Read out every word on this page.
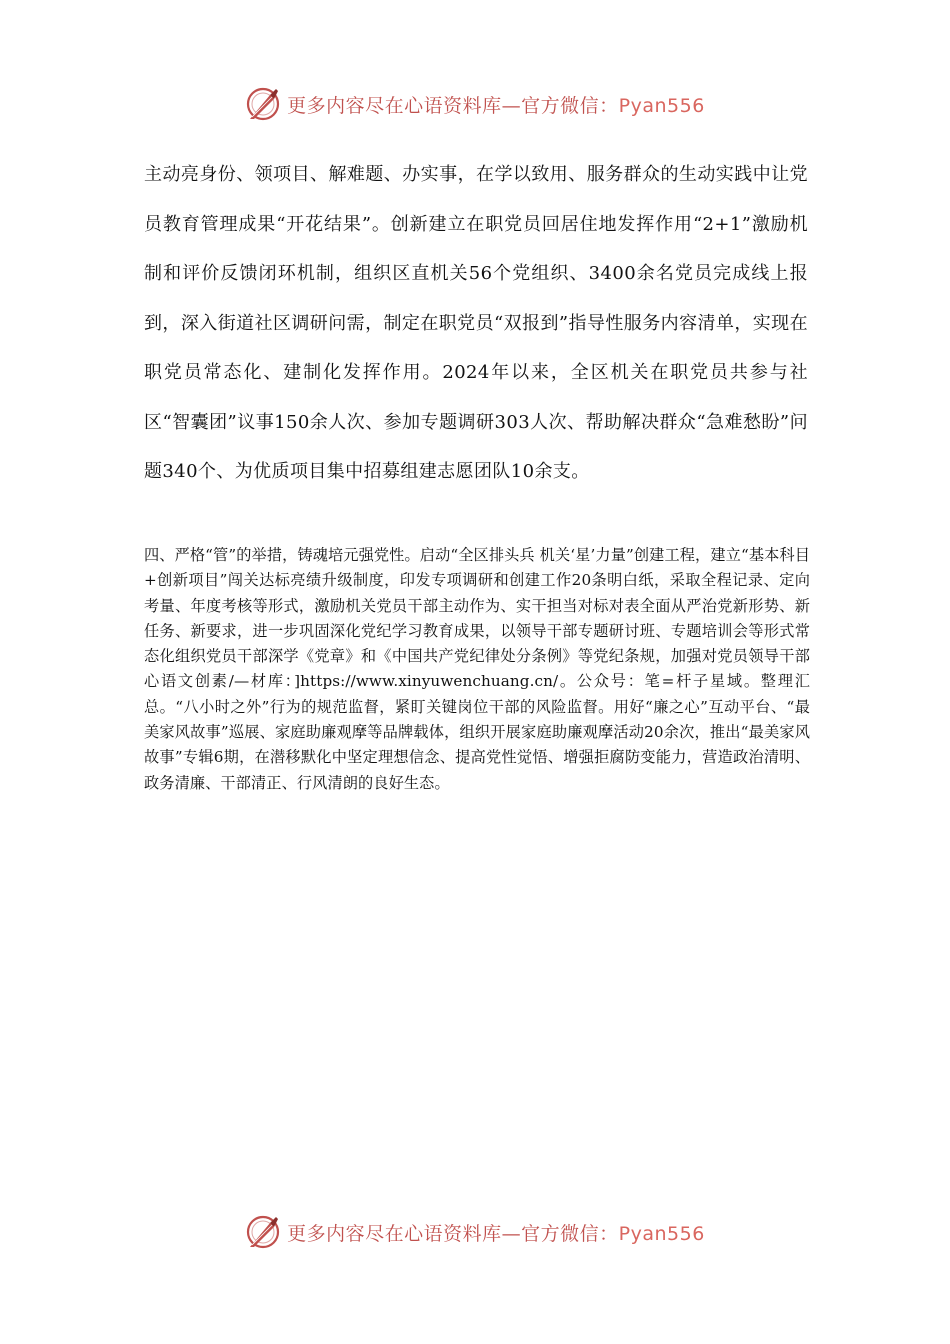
更多内容尽在心语资料库—官方微信：Pyan556

主动亮身份、领项目、解难题、办实事，在学以致用、服务群众的生动实践中让党员教育管理成果“开花结果”。创新建立在职党员回居住地发挥作用“2+1”激励机制和评价反馈闭环机制，组织区直机关56个党组织、3400余名党员完成线上报到，深入街道社区调研问需，制定在职党员“双报到”指导性服务内容清单，实现在职党员常态化、建制化发挥作用。2024年以来，全区机关在职党员共参与社区“智囊团”议事150余人次、参加专题调研303人次、帮助解决群众“急难愁盼”问题340个、为优质项目集中招募组建志愿团队10余支。

四、严格“管”的举措，铸魂培元强党性。启动“全区排头兵 机关‘星’力量”创建工程，建立“基本科目+创新项目”闯关达标亮绩升级制度，印发专项调研和创建工作20条明白纸，采取全程记录、定向考量、年度考核等形式，激励机关党员干部主动作为、实干担当对标对表全面从严治党新形势、新任务、新要求，进一步巩固深化党纪学习教育成果，以领导干部专题研讨班、专题培训会等形式常态化组织党员干部深学《党章》和《中国共产党纪律处分条例》等党纪条规，加强对党员领导干部心语文创素/—材库：]https://www.xinyuwenchuang.cn/。公众号：笔=杆子星域。整理汇总。“八小时之外”行为的规范监督，紧盯关键岗位干部的风险监督。用好“廉之心”互动平台、“最美家风故事”巡展、家庭助廉观摩等品牌载体，组织开展家庭助廉观摩活动20余次，推出“最美家风故事”专辑6期，在潜移默化中坚定理想信念、提高党性觉悟、增强拒腐防变能力，营造政治清明、政务清廉、干部清正、行风清朗的良好生态。

更多内容尽在心语资料库—官方微信：Pyan556
